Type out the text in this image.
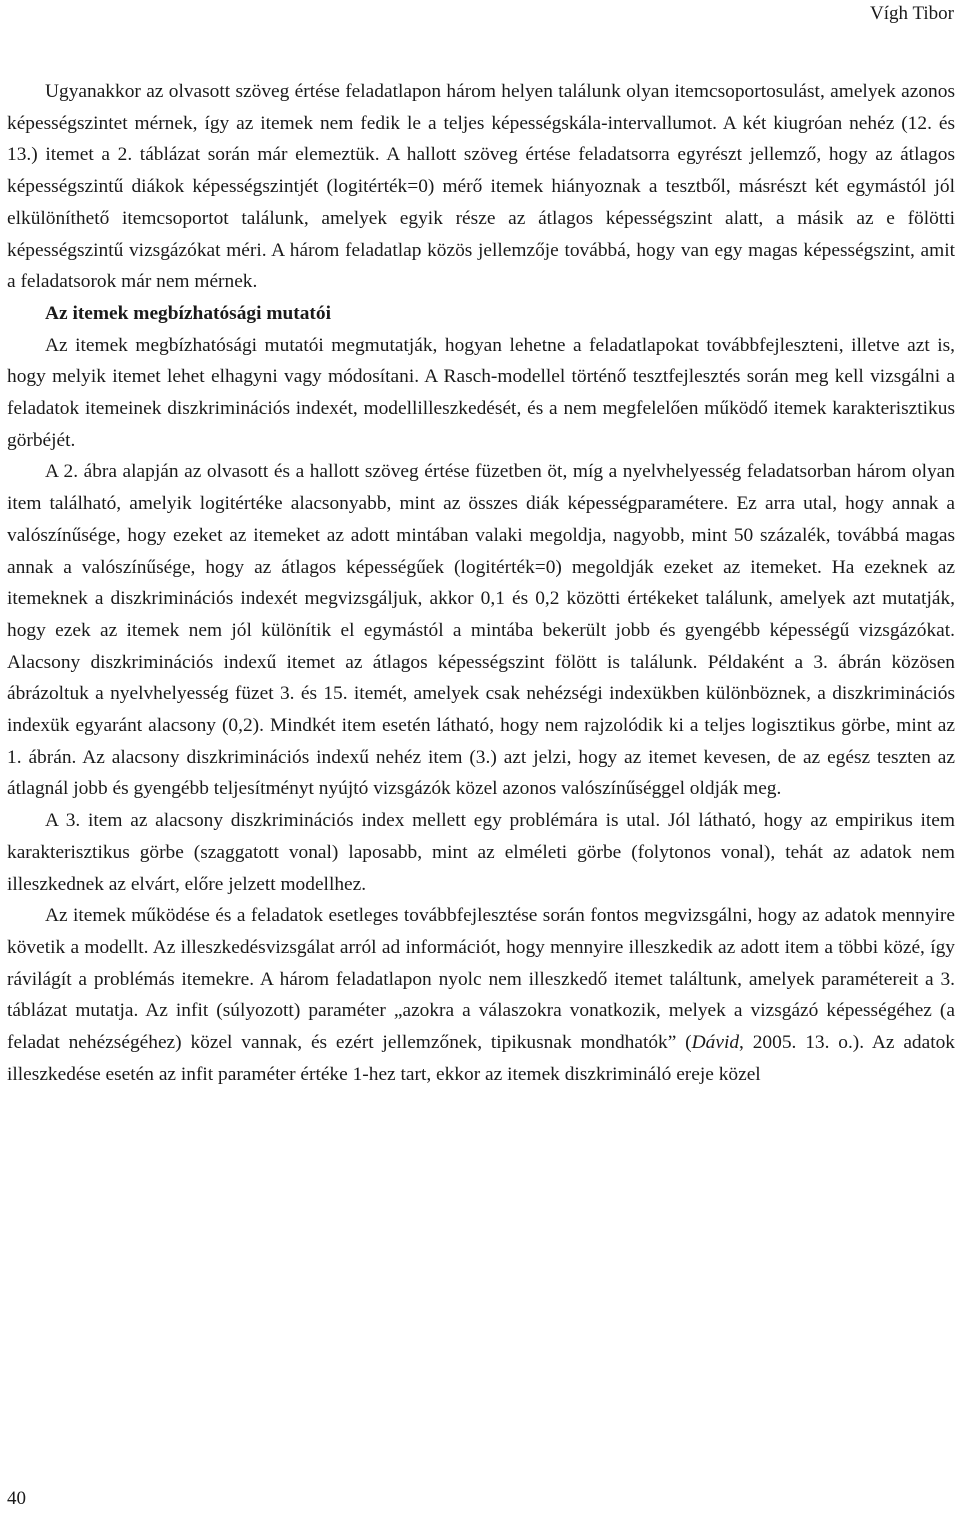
Vígh Tibor

Ugyanakkor az olvasott szöveg értése feladatlapon három helyen találunk olyan itemcsoportosulást, amelyek azonos képességszintet mérnek, így az itemek nem fedik le a teljes képességskála-intervallumot. A két kiugróan nehéz (12. és 13.) itemet a 2. táblázat során már elemeztük. A hallott szöveg értése feladatsorra egyrészt jellemző, hogy az átlagos képességszintű diákok képességszintjét (logitérték=0) mérő itemek hiányoznak a tesztből, másrészt két egymástól jól elkülöníthető itemcsoportot találunk, amelyek egyik része az átlagos képességszint alatt, a másik az e fölötti képességszintű vizsgázókat méri. A három feladatlap közös jellemzője továbbá, hogy van egy magas képességszint, amit a feladatsorok már nem mérnek.

Az itemek megbízhatósági mutatói

Az itemek megbízhatósági mutatói megmutatják, hogyan lehetne a feladatlapokat továbbfejleszteni, illetve azt is, hogy melyik itemet lehet elhagyni vagy módosítani. A Rasch-modellel történő tesztfejlesztés során meg kell vizsgálni a feladatok itemeinek diszkriminációs indexét, modellilleszkedését, és a nem megfelelően működő itemek karakterisztikus görbéjét.

A 2. ábra alapján az olvasott és a hallott szöveg értése füzetben öt, míg a nyelvhelyesség feladatsorban három olyan item található, amelyik logitértéke alacsonyabb, mint az összes diák képességparamétere. Ez arra utal, hogy annak a valószínűsége, hogy ezeket az itemeket az adott mintában valaki megoldja, nagyobb, mint 50 százalék, továbbá magas annak a valószínűsége, hogy az átlagos képességűek (logitérték=0) megoldják ezeket az itemeket. Ha ezeknek az itemeknek a diszkriminációs indexét megvizsgáljuk, akkor 0,1 és 0,2 közötti értékeket találunk, amelyek azt mutatják, hogy ezek az itemek nem jól különítik el egymástól a mintába bekerült jobb és gyengébb képességű vizsgázókat. Alacsony diszkriminációs indexű itemet az átlagos képességszint fölött is találunk. Példaként a 3. ábrán közösen ábrázoltuk a nyelvhelyesség füzet 3. és 15. itemét, amelyek csak nehézségi indexükben különböznek, a diszkriminációs indexük egyaránt alacsony (0,2). Mindkét item esetén látható, hogy nem rajzolódik ki a teljes logisztikus görbe, mint az 1. ábrán. Az alacsony diszkriminációs indexű nehéz item (3.) azt jelzi, hogy az itemet kevesen, de az egész teszten az átlagnál jobb és gyengébb teljesítményt nyújtó vizsgázók közel azonos valószínűséggel oldják meg.

A 3. item az alacsony diszkriminációs index mellett egy problémára is utal. Jól látható, hogy az empirikus item karakterisztikus görbe (szaggatott vonal) laposabb, mint az elméleti görbe (folytonos vonal), tehát az adatok nem illeszkednek az elvárt, előre jelzett modellhez.

Az itemek működése és a feladatok esetleges továbbfejlesztése során fontos megvizsgálni, hogy az adatok mennyire követik a modellt. Az illeszkedésvizsgálat arról ad információt, hogy mennyire illeszkedik az adott item a többi közé, így rávilágít a problémás itemekre. A három feladatlapon nyolc nem illeszkedő itemet találtunk, amelyek paramétereit a 3. táblázat mutatja. Az infit (súlyozott) paraméter „azokra a válaszokra vonatkozik, melyek a vizsgázó képességéhez (a feladat nehézségéhez) közel vannak, és ezért jellemzőnek, tipikusnak mondhatók” (Dávid, 2005. 13. o.). Az adatok illeszkedése esetén az infit paraméter értéke 1-hez tart, ekkor az itemek diszkrimináló ereje közel

40
